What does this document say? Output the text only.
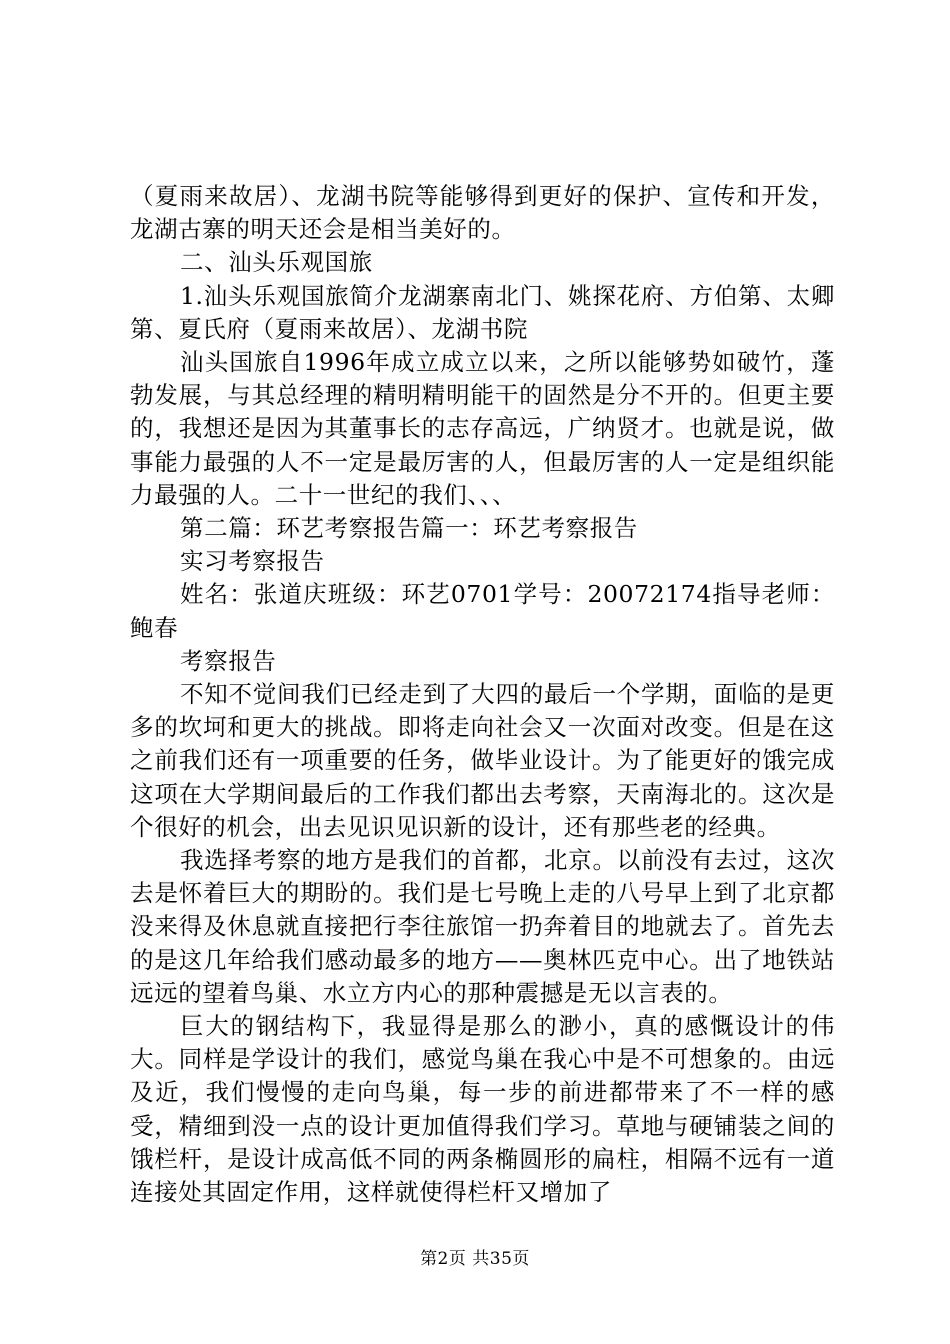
（夏雨来故居）、龙湖书院等能够得到更好的保护、宣传和开发，龙湖古寨的明天还会是相当美好的。

二、汕头乐观国旅

1.汕头乐观国旅简介龙湖寨南北门、姚探花府、方伯第、太卿第、夏氏府（夏雨来故居）、龙湖书院

汕头国旅自1996年成立成立以来，之所以能够势如破竹，蓬勃发展，与其总经理的精明精明能干的固然是分不开的。但更主要的，我想还是因为其董事长的志存高远，广纳贤才。也就是说，做事能力最强的人不一定是最厉害的人，但最厉害的人一定是组织能力最强的人。二十一世纪的我们、、、

第二篇：环艺考察报告篇一：环艺考察报告

实习考察报告

姓名：张道庆班级：环艺0701学号：20072174指导老师：鲍春

考察报告

不知不觉间我们已经走到了大四的最后一个学期，面临的是更多的坎坷和更大的挑战。即将走向社会又一次面对改变。但是在这之前我们还有一项重要的任务，做毕业设计。为了能更好的饿完成这项在大学期间最后的工作我们都出去考察，天南海北的。这次是个很好的机会，出去见识见识新的设计，还有那些老的经典。

我选择考察的地方是我们的首都，北京。以前没有去过，这次去是怀着巨大的期盼的。我们是七号晚上走的八号早上到了北京都没来得及休息就直接把行李往旅馆一扔奔着目的地就去了。首先去的是这几年给我们感动最多的地方——奥林匹克中心。出了地铁站远远的望着鸟巢、水立方内心的那种震撼是无以言表的。

巨大的钢结构下，我显得是那么的渺小，真的感慨设计的伟大。同样是学设计的我们，感觉鸟巢在我心中是不可想象的。由远及近，我们慢慢的走向鸟巢，每一步的前进都带来了不一样的感受，精细到没一点的设计更加值得我们学习。草地与硬铺装之间的饿栏杆，是设计成高低不同的两条椭圆形的扁柱，相隔不远有一道连接处其固定作用，这样就使得栏杆又增加了

第2页 共35页
